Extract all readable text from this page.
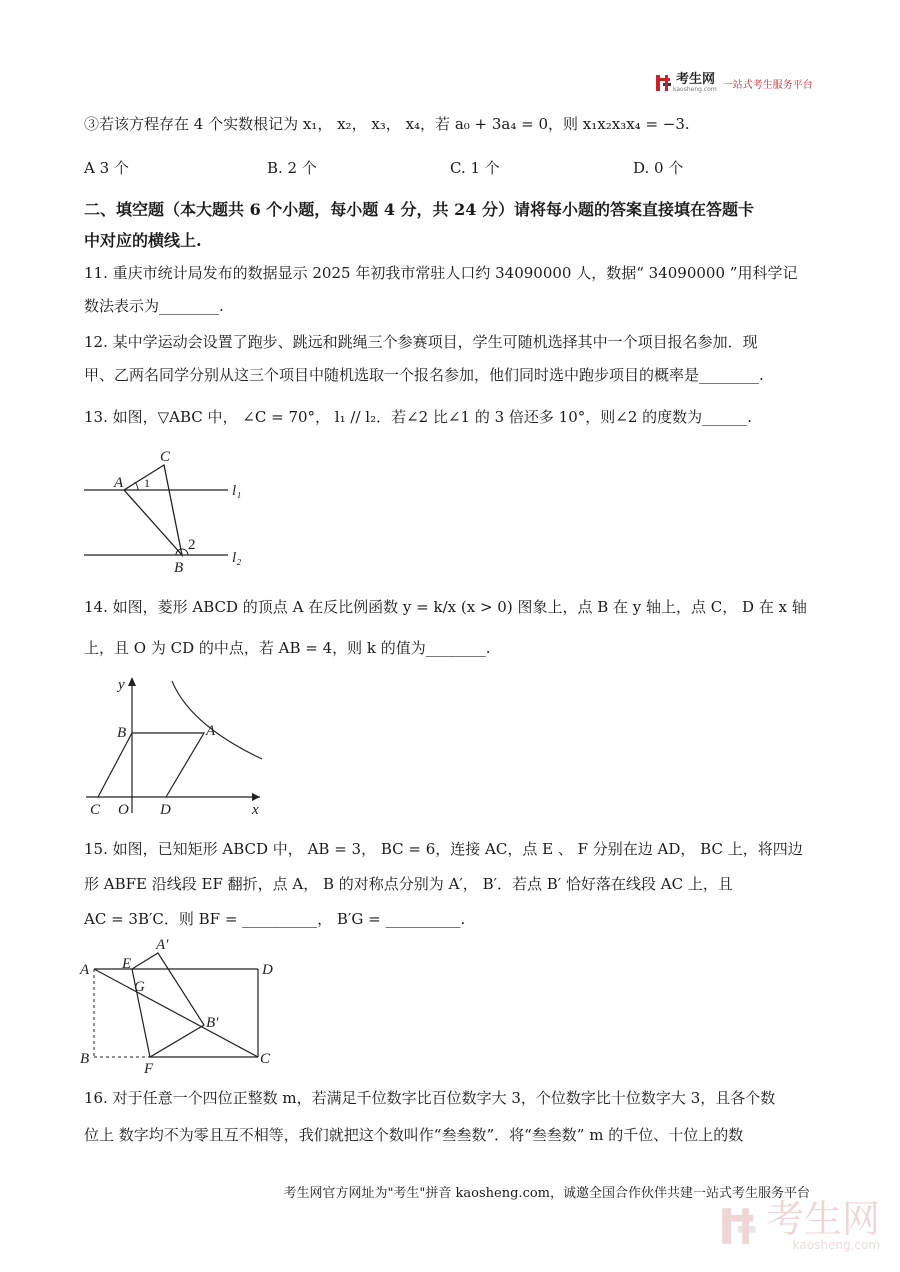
考生网
kaosheng.com 一站式考生服务平台
③若该方程存在 4 个实数根记为 x₁， x₂， x₃， x₄，若 a₀ + 3a₄ = 0，则 x₁x₂x₃x₄ = −3.
A 3 个	B. 2 个	C. 1 个	D. 0 个
二、填空题（本大题共 6 个小题，每小题 4 分，共 24 分）请将每小题的答案直接填在答题卡
中对应的横线上.
11. 重庆市统计局发布的数据显示 2025 年初我市常驻人口约 34090000 人，数据“ 34090000 ”用科学记
数法表示为________.
12. 某中学运动会设置了跑步、跳远和跳绳三个参赛项目，学生可随机选择其中一个项目报名参加．现
甲、乙两名同学分别从这三个项目中随机选取一个报名参加，他们同时选中跑步项目的概率是________.
13. 如图，▽ABC 中， ∠C = 70°， l₁ // l₂．若∠2 比∠1 的 3 倍还多 10°，则∠2 的度数为______.
C
A 1	l₁
2
B
l₂
14. 如图，菱形 ABCD 的顶点 A 在反比例函数 y = k/x (x > 0) 图象上，点 B 在 y 轴上，点 C， D 在 x 轴
上，且 O 为 CD 的中点，若 AB = 4，则 k 的值为________.
y
B	A
C O D	x
15. 如图，已知矩形 ABCD 中， AB = 3， BC = 6，连接 AC，点 E 、 F 分别在边 AD， BC 上，将四边
形 ABFE 沿线段 EF 翻折，点 A， B 的对称点分别为 A′， B′．若点 B′ 恰好落在线段 AC 上，且
AC = 3B′C．则 BF = __________， B′G = __________.
A
A′
E	D
G
B′
B
F
C
16. 对于任意一个四位正整数 m，若满足千位数字比百位数字大 3，个位数字比十位数字大 3，且各个数
位上 数字均不为零且互不相等，我们就把这个数叫作“叁叁数”．将“叁叁数” m 的千位、十位上的数
考生网官方网址为"考生"拼音 kaosheng.com，诚邀全国合作伙伴共建一站式考生服务平台
考生网
kaosheng.com
